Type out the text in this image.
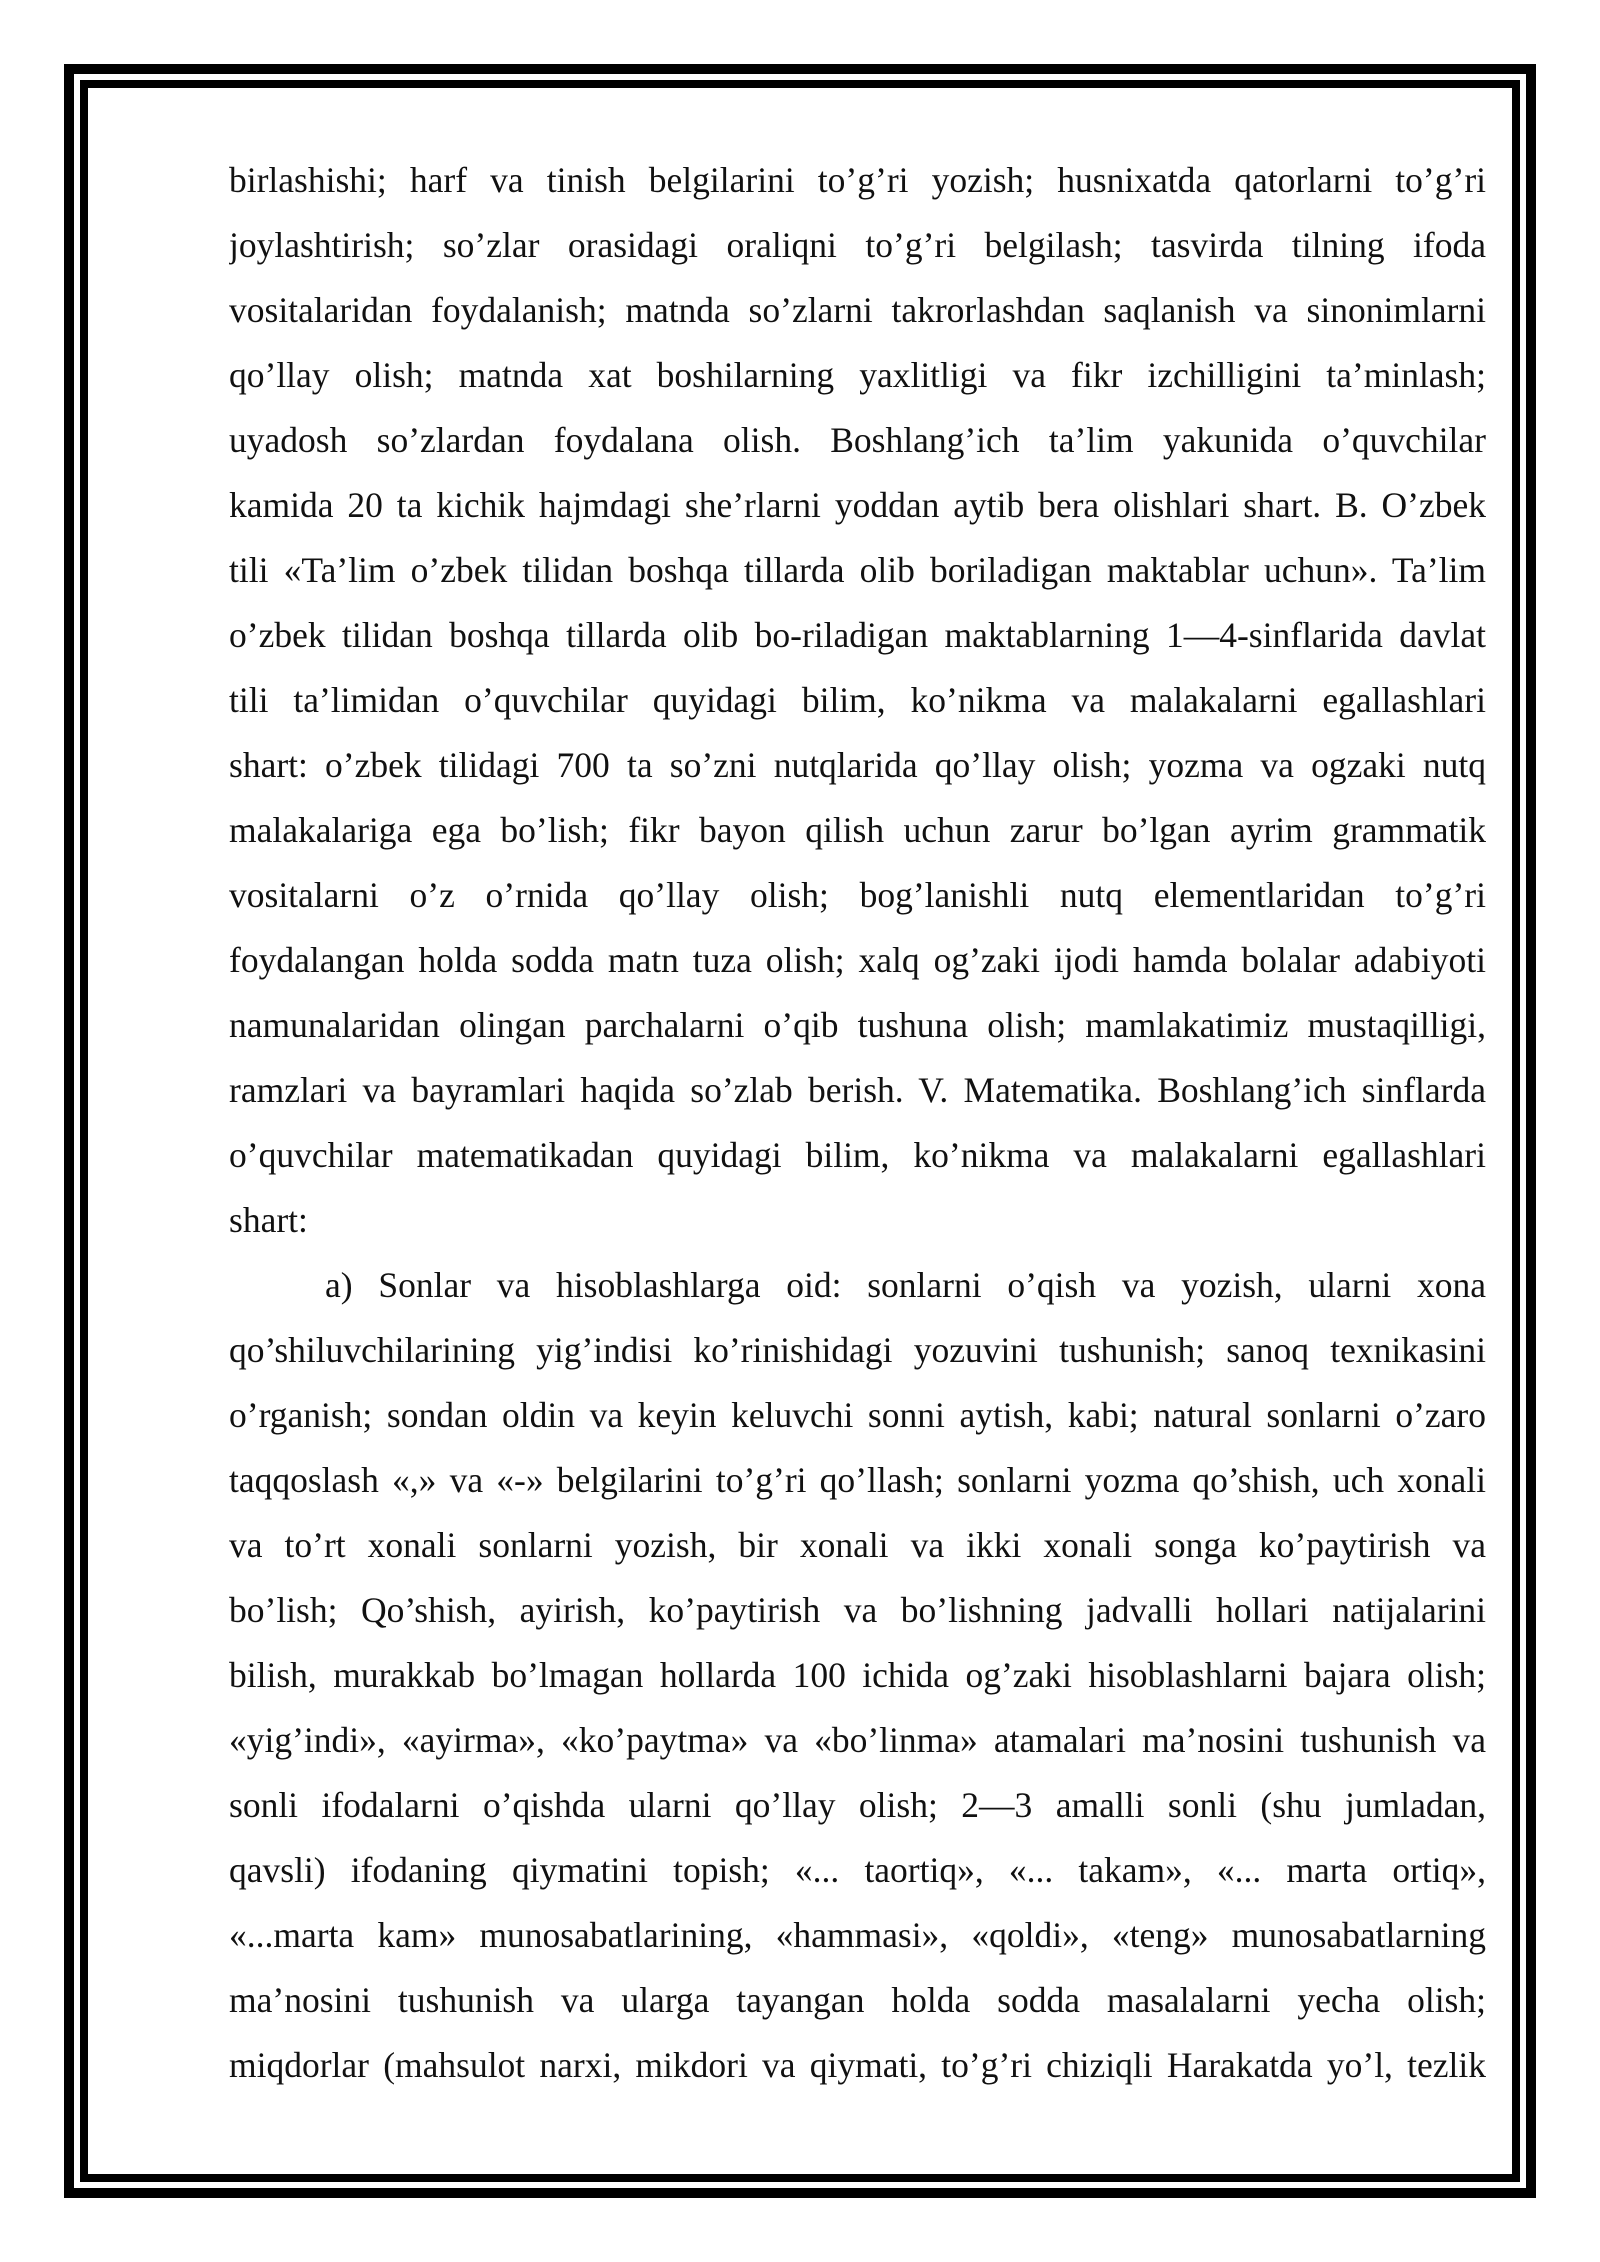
birlashishi; harf va tinish belgilarini to’g’ri yozish; husnixatda qatorlarni to’g’ri
joylashtirish; so’zlar orasidagi oraliqni to’g’ri belgilash; tasvirda tilning ifoda
vositalaridan foydalanish; matnda so’zlarni takrorlashdan saqlanish va sinonimlarni
qo’llay olish; matnda xat boshilarning yaxlitligi va fikr izchilligini ta’minlash;
uyadosh so’zlardan foydalana olish. Boshlang’ich ta’lim yakunida o’quvchilar
kamida 20 ta kichik hajmdagi she’rlarni yoddan aytib bera olishlari shart. B. O’zbek
tili «Ta’lim o’zbek tilidan boshqa tillarda olib boriladigan maktablar uchun». Ta’lim
o’zbek tilidan boshqa tillarda olib bo-riladigan maktablarning 1—4-sinflarida davlat
tili ta’limidan o’quvchilar quyidagi bilim, ko’nikma va malakalarni egallashlari
shart: o’zbek tilidagi 700 ta so’zni nutqlarida qo’llay olish; yozma va ogzaki nutq
malakalariga ega bo’lish; fikr bayon qilish uchun zarur bo’lgan ayrim grammatik
vositalarni o’z o’rnida qo’llay olish; bog’lanishli nutq elementlaridan to’g’ri
foydalangan holda sodda matn tuza olish; xalq og’zaki ijodi hamda bolalar adabiyoti
namunalaridan olingan parchalarni o’qib tushuna olish; mamlakatimiz mustaqilligi,
ramzlari va bayramlari haqida so’zlab berish. V. Matematika. Boshlang’ich sinflarda
o’quvchilar matematikadan quyidagi bilim, ko’nikma va malakalarni egallashlari
shart:
a) Sonlar va hisoblashlarga oid: sonlarni o’qish va yozish, ularni xona
qo’shiluvchilarining yig’indisi ko’rinishidagi yozuvini tushunish; sanoq texnikasini
o’rganish; sondan oldin va keyin keluvchi sonni aytish, kabi; natural sonlarni o’zaro
taqqoslash «,» va «-» belgilarini to’g’ri qo’llash; sonlarni yozma qo’shish, uch xonali
va to’rt xonali sonlarni yozish, bir xonali va ikki xonali songa ko’paytirish va
bo’lish; Qo’shish, ayirish, ko’paytirish va bo’lishning jadvalli hollari natijalarini
bilish, murakkab bo’lmagan hollarda 100 ichida og’zaki hisoblashlarni bajara olish;
«yig’indi», «ayirma», «ko’paytma» va «bo’linma» atamalari ma’nosini tushunish va
sonli ifodalarni o’qishda ularni qo’llay olish; 2—3 amalli sonli (shu jumladan,
qavsli) ifodaning qiymatini topish; «... taortiq», «... takam», «... marta ortiq»,
«...marta kam» munosabatlarining, «hammasi», «qoldi», «teng» munosabatlarning
ma’nosini tushunish va ularga tayangan holda sodda masalalarni yecha olish;
miqdorlar (mahsulot narxi, mikdori va qiymati, to’g’ri chiziqli Harakatda yo’l, tezlik
